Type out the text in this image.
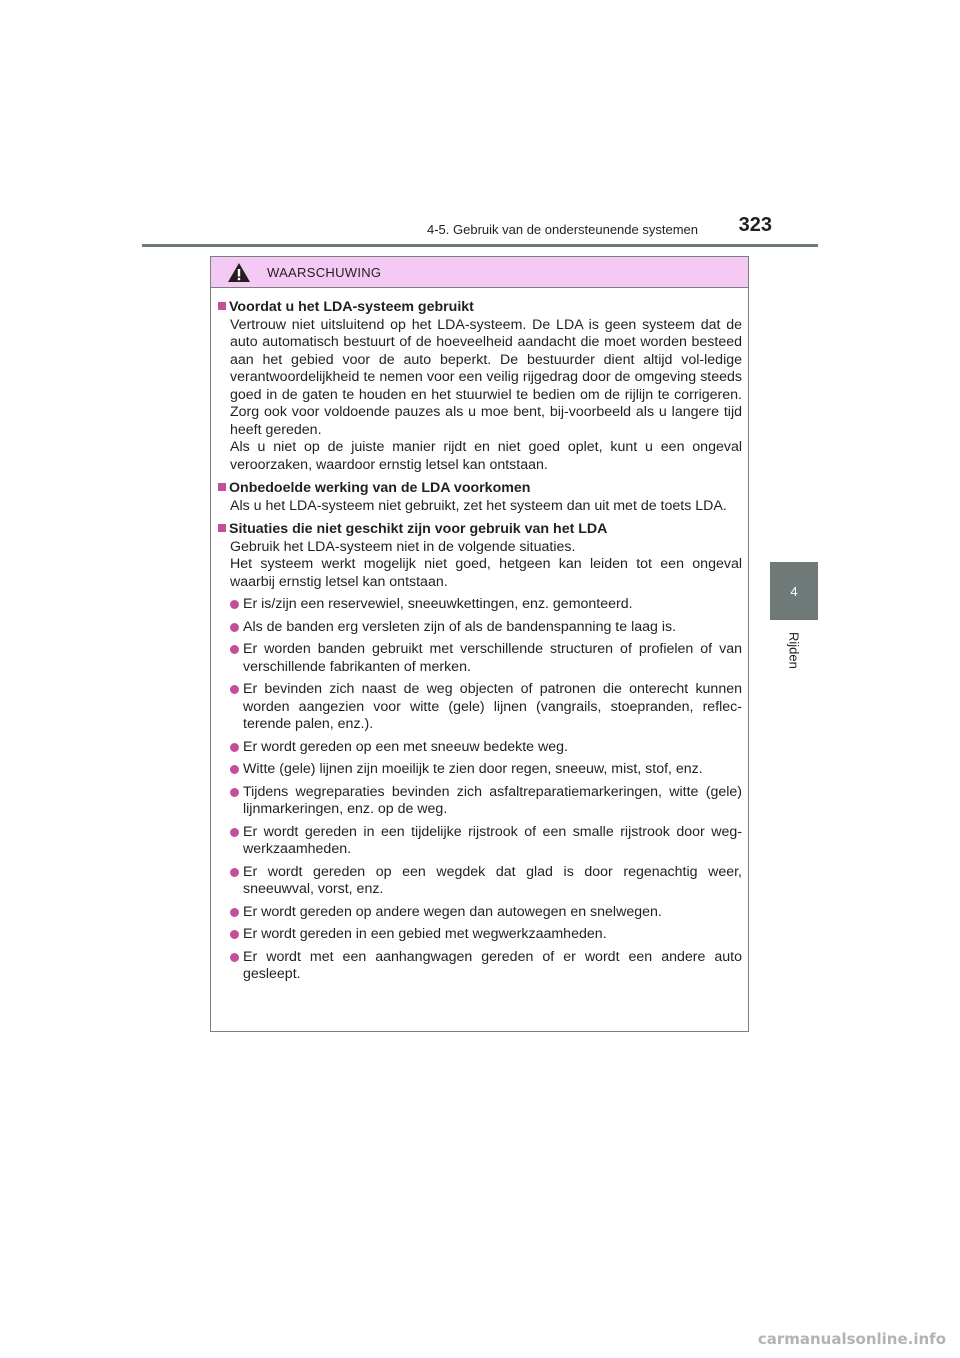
4-5. Gebruik van de ondersteunende systemen 323
4
Rijden
WAARSCHUWING
Voordat u het LDA-systeem gebruikt
Vertrouw niet uitsluitend op het LDA-systeem. De LDA is geen systeem dat de auto automatisch bestuurt of de hoeveelheid aandacht die moet worden besteed aan het gebied voor de auto beperkt. De bestuurder dient altijd vol-ledige verantwoordelijkheid te nemen voor een veilig rijgedrag door de omgeving steeds goed in de gaten te houden en het stuurwiel te bedien om de rijlijn te corrigeren. Zorg ook voor voldoende pauzes als u moe bent, bij-voorbeeld als u langere tijd heeft gereden.
Als u niet op de juiste manier rijdt en niet goed oplet, kunt u een ongeval veroorzaken, waardoor ernstig letsel kan ontstaan.
Onbedoelde werking van de LDA voorkomen
Als u het LDA-systeem niet gebruikt, zet het systeem dan uit met de toets LDA.
Situaties die niet geschikt zijn voor gebruik van het LDA
Gebruik het LDA-systeem niet in de volgende situaties.
Het systeem werkt mogelijk niet goed, hetgeen kan leiden tot een ongeval waarbij ernstig letsel kan ontstaan.
Er is/zijn een reservewiel, sneeuwkettingen, enz. gemonteerd.
Als de banden erg versleten zijn of als de bandenspanning te laag is.
Er worden banden gebruikt met verschillende structuren of profielen of van verschillende fabrikanten of merken.
Er bevinden zich naast de weg objecten of patronen die onterecht kunnen worden aangezien voor witte (gele) lijnen (vangrails, stoepranden, reflec-terende palen, enz.).
Er wordt gereden op een met sneeuw bedekte weg.
Witte (gele) lijnen zijn moeilijk te zien door regen, sneeuw, mist, stof, enz.
Tijdens wegreparaties bevinden zich asfaltreparatiemarkeringen, witte (gele) lijnmarkeringen, enz. op de weg.
Er wordt gereden in een tijdelijke rijstrook of een smalle rijstrook door weg-werkzaamheden.
Er wordt gereden op een wegdek dat glad is door regenachtig weer, sneeuwval, vorst, enz.
Er wordt gereden op andere wegen dan autowegen en snelwegen.
Er wordt gereden in een gebied met wegwerkzaamheden.
Er wordt met een aanhangwagen gereden of er wordt een andere auto gesleept.
carmanualsonline.info
